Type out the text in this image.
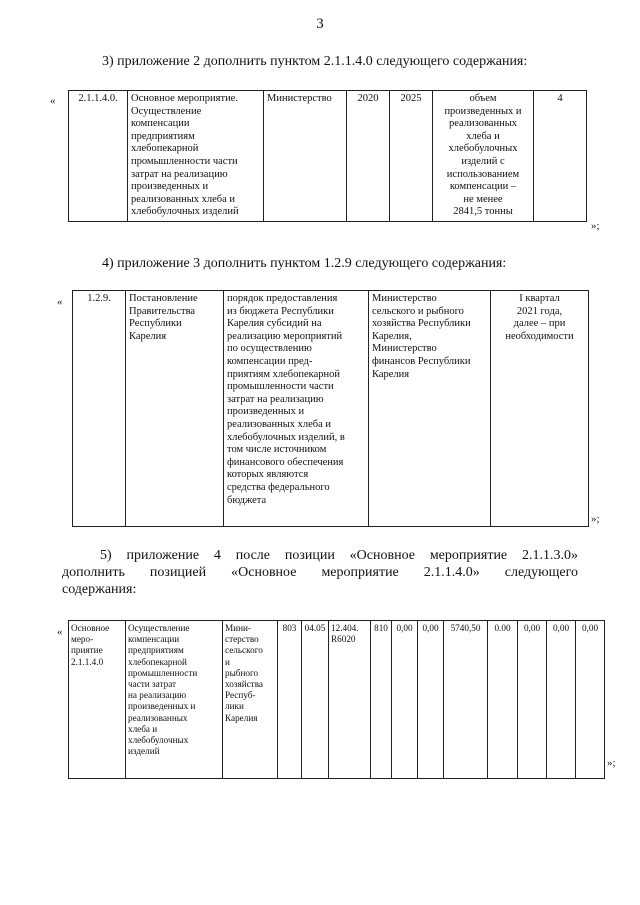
3
3) приложение 2 дополнить пунктом 2.1.1.4.0 следующего содержания:
« 2.1.1.4.0.	Основное мероприятие.
Осуществление
компенсации
предприятиям
хлебопекарной
промышленности части
затрат на реализацию
произведенных и
реализованных хлеба и
хлебобулочных изделий	Министерство	2020	2025	объем
произведенных и
реализованных
хлеба и
хлебобулочных
изделий с
использованием
компенсации –
не менее
2841,5 тонны	4
»;
4) приложение 3 дополнить пунктом 1.2.9 следующего содержания:
« 1.2.9.	Постановление
Правительства
Республики
Карелия	порядок предоставления
из бюджета Республики
Карелия субсидий на
реализацию мероприятий
по осуществлению
компенсации пред-
приятиям хлебопекарной
промышленности части
затрат на реализацию
произведенных и
реализованных хлеба и
хлебобулочных изделий, в
том числе источником
финансового обеспечения
которых являются
средства федерального
бюджета	Министерство
сельского и рыбного
хозяйства Республики
Карелия,
Министерство
финансов Республики
Карелия	I квартал
2021 года,
далее – при
необходимости
»;
5) приложение 4 после позиции «Основное мероприятие 2.1.1.3.0»
дополнить позицией «Основное мероприятие 2.1.1.4.0» следующего
содержания:
« Основное
меро-
приятие
2.1.1.4.0	Осуществление
компенсации
предприятиям
хлебопекарной
промышленности
части затрат
на реализацию
произведенных и
реализованных
хлеба и
хлебобулочных
изделий	Мини-
стерство
сельского
и
рыбного
хозяйства
Респуб-
лики
Карелия	803	04.05	12.404.
R6020	810	0,00	0,00	5740,50	0.00	0,00	0,00	0,00
»;
